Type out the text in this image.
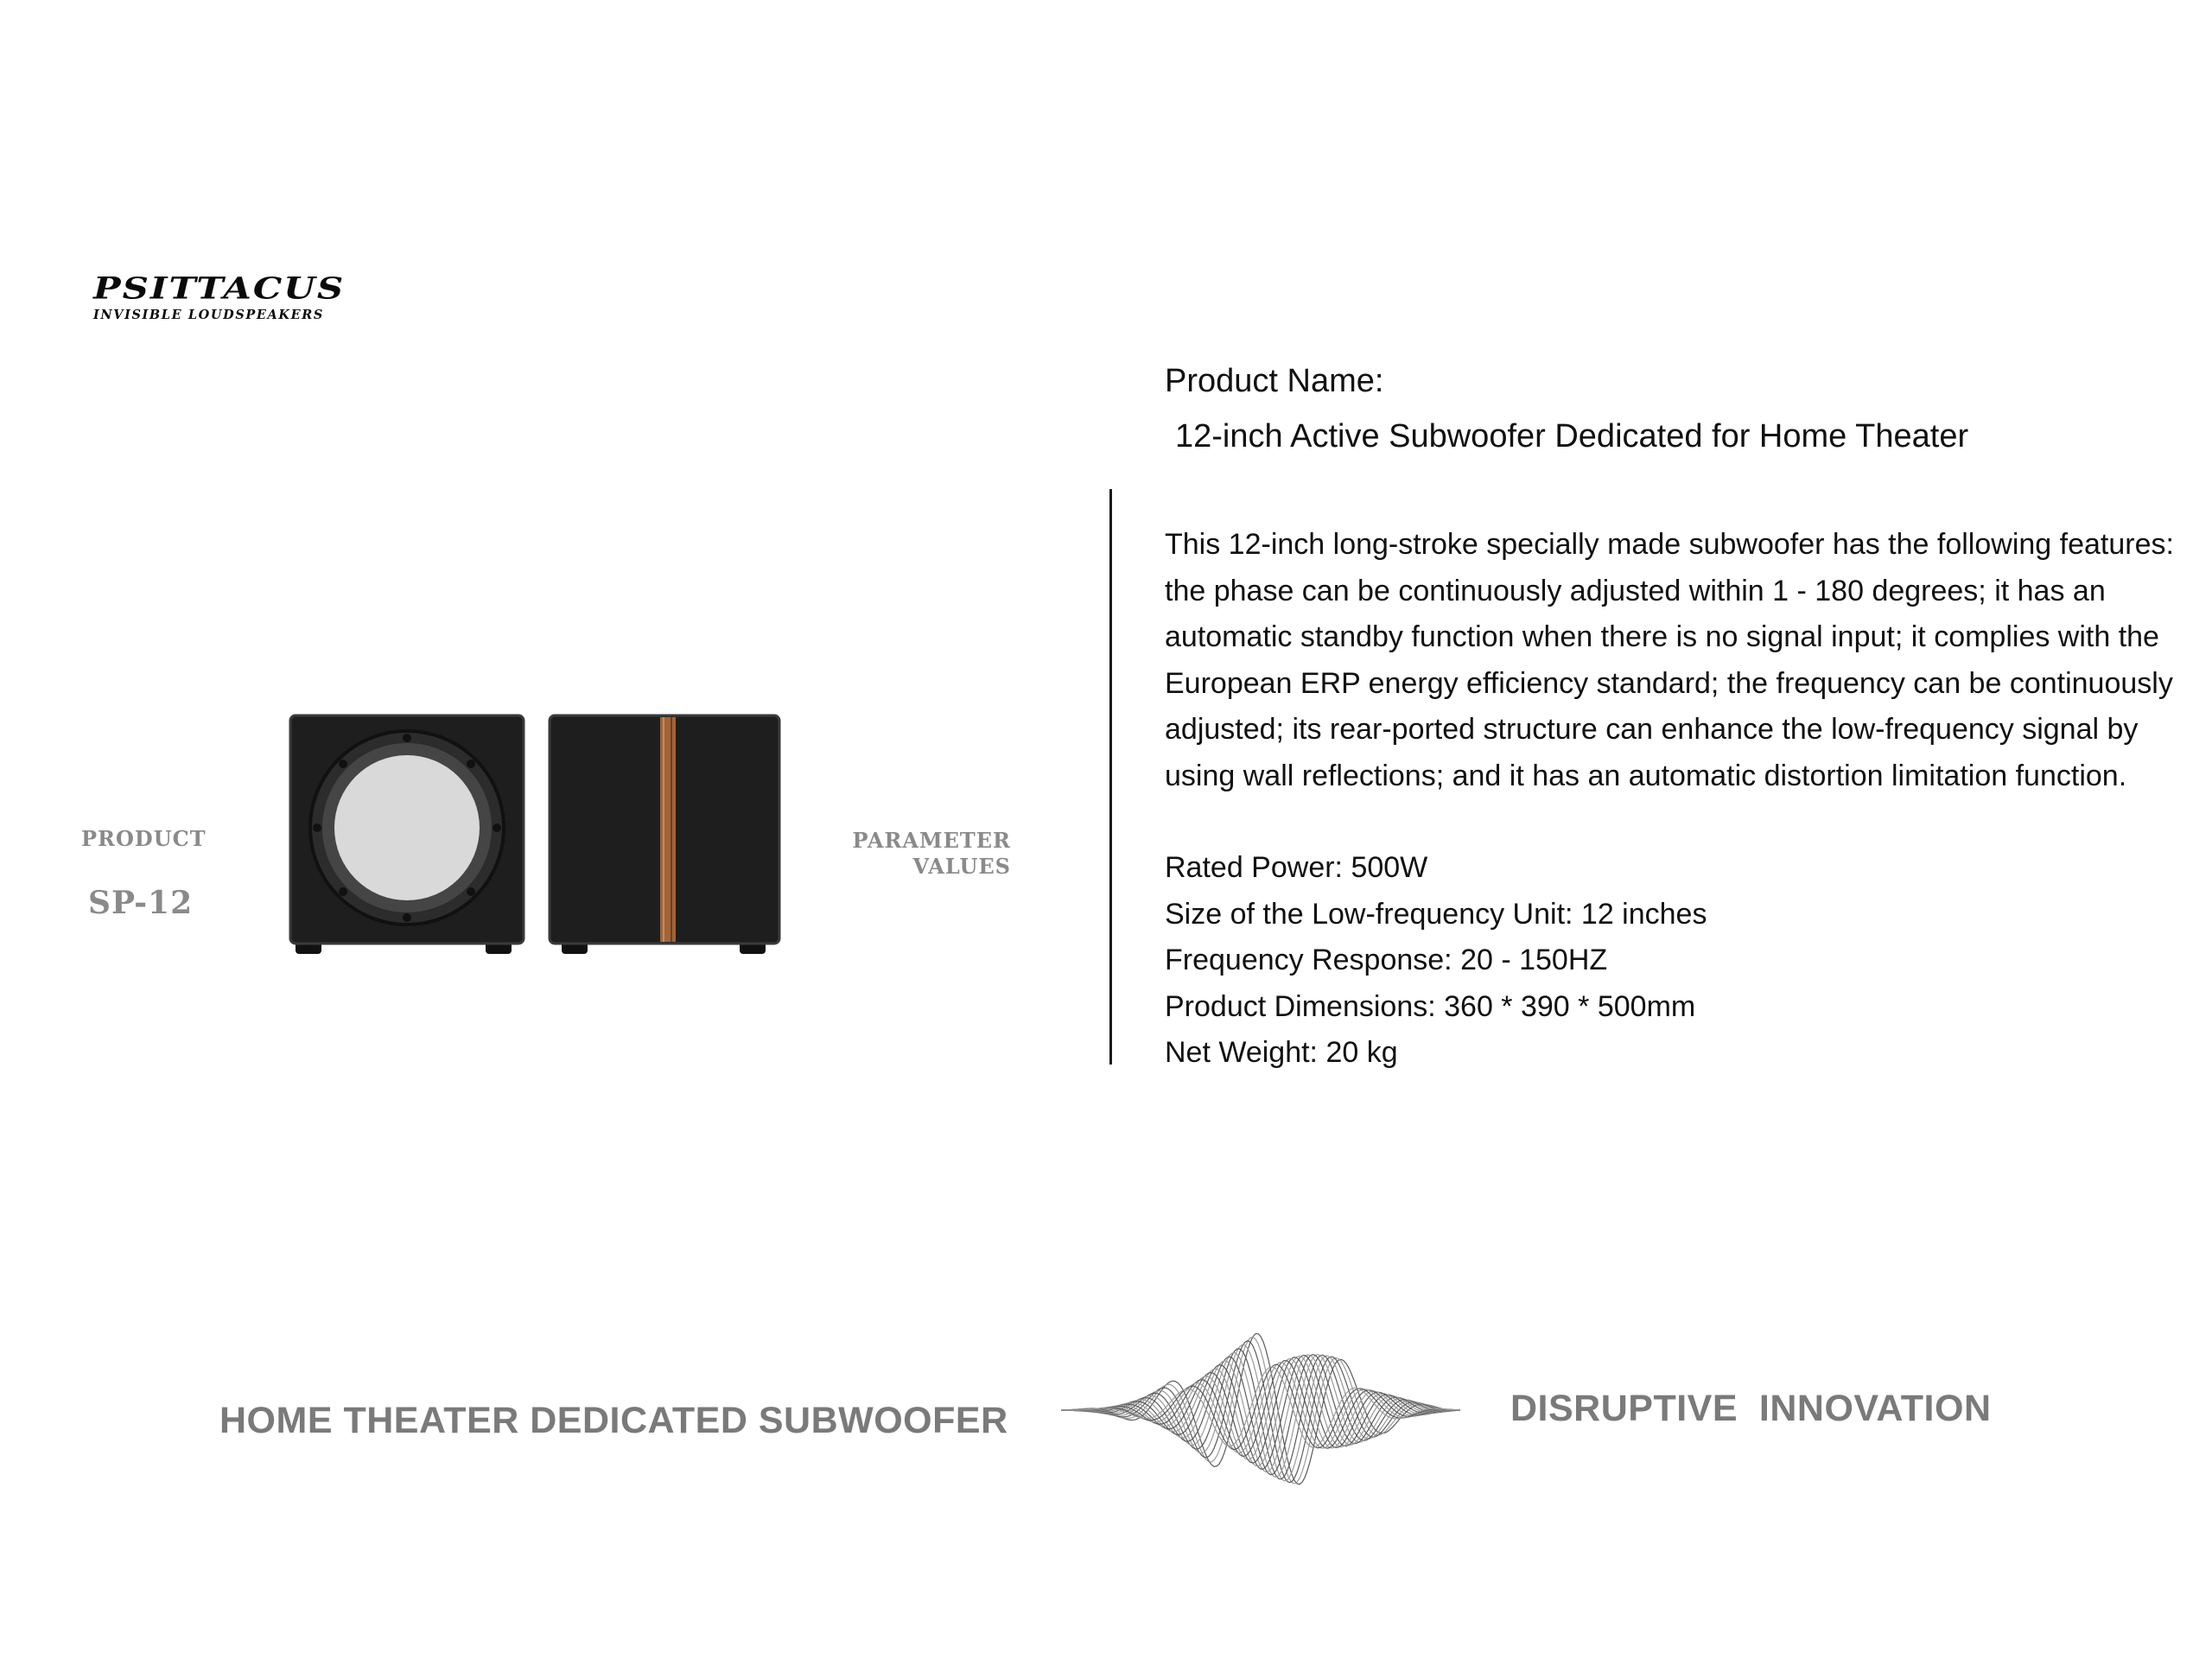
PSITTACUS
INVISIBLE LOUDSPEAKERS
PRODUCT
SP-12
PARAMETER
VALUES
Product Name:
12-inch Active Subwoofer Dedicated for Home Theater
This 12-inch long-stroke specially made subwoofer has the following features:
the phase can be continuously adjusted within 1 - 180 degrees; it has an
automatic standby function when there is no signal input; it complies with the
European ERP energy efficiency standard; the frequency can be continuously
adjusted; its rear-ported structure can enhance the low-frequency signal by
using wall reflections; and it has an automatic distortion limitation function.
Rated Power: 500W
Size of the Low-frequency Unit: 12 inches
Frequency Response: 20 - 150HZ
Product Dimensions: 360 * 390 * 500mm
Net Weight: 20 kg
HOME THEATER DEDICATED SUBWOOFER	DISRUPTIVE  INNOVATION
